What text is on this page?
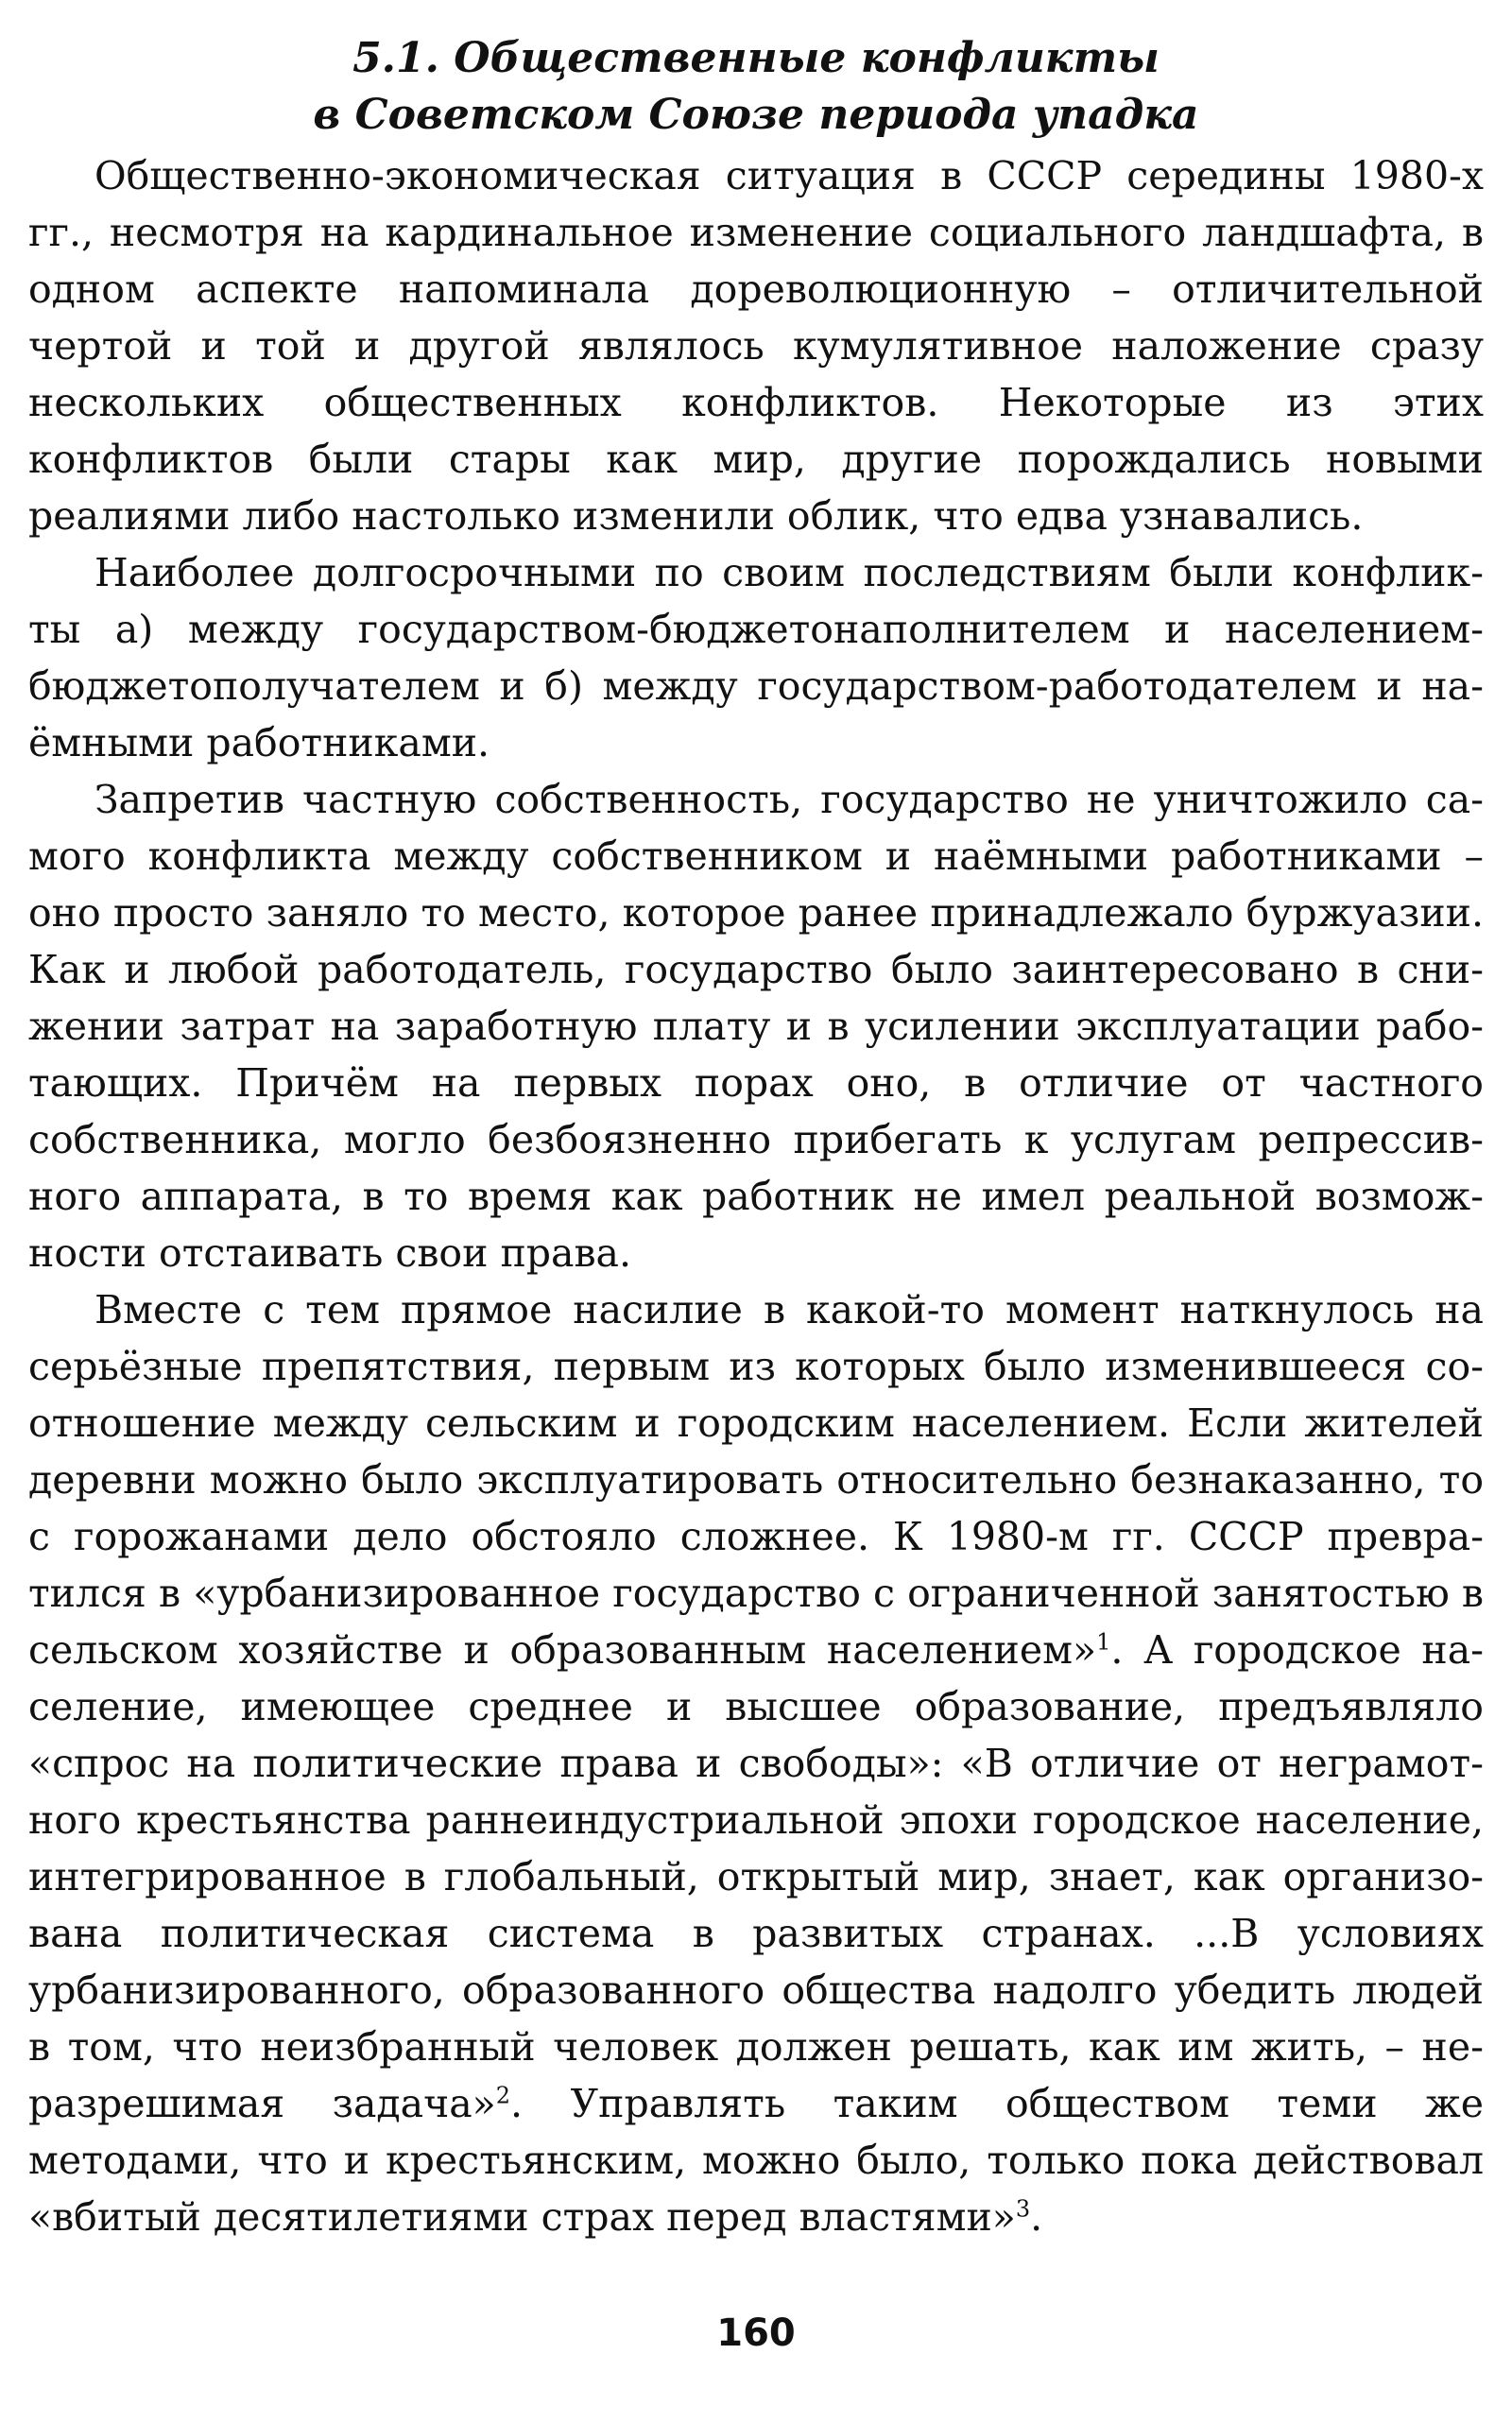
5.1. Общественные конфликты
в Советском Союзе периода упадка

Общественно-экономическая ситуация в СССР середины 1980-х гг., несмотря на кардинальное изменение социального ландшафта, в одном аспекте напоминала дореволюционную – отличительной чертой и той и другой являлось кумулятивное наложение сразу нескольких общественных конфликтов. Некоторые из этих конфликтов были стары как мир, другие порождались новыми реалиями либо настолько изменили облик, что едва узнавались.

Наиболее долгосрочными по своим последствиям были конфликты а) между государством-бюджетонаполнителем и населением-бюджетополучателем и б) между государством-работодателем и наёмными работниками.

Запретив частную собственность, государство не уничтожило самого конфликта между собственником и наёмными работниками – оно просто заняло то место, которое ранее принадлежало буржуазии. Как и любой работодатель, государство было заинтересовано в снижении затрат на заработную плату и в усилении эксплуатации работающих. Причём на первых порах оно, в отличие от частного собственника, могло безбоязненно прибегать к услугам репрессивного аппарата, в то время как работник не имел реальной возможности отстаивать свои права.

Вместе с тем прямое насилие в какой-то момент наткнулось на серьёзные препятствия, первым из которых было изменившееся соотношение между сельским и городским населением. Если жителей деревни можно было эксплуатировать относительно безнаказанно, то с горожанами дело обстояло сложнее. К 1980-м гг. СССР превратился в «урбанизированное государство с ограниченной занятостью в сельском хозяйстве и образованным населением»$^1$. А городское население, имеющее среднее и высшее образование, предъявляло «спрос на политические права и свободы»: «В отличие от неграмотного крестьянства раннеиндустриальной эпохи городское население, интегрированное в глобальный, открытый мир, знает, как организована политическая система в развитых странах. ...В условиях урбанизированного, образованного общества надолго убедить людей в том, что неизбранный человек должен решать, как им жить, – неразрешимая задача»$^2$. Управлять таким обществом теми же методами, что и крестьянским, можно было, только пока действовал «вбитый десятилетиями страх перед властями»$^3$.

160
